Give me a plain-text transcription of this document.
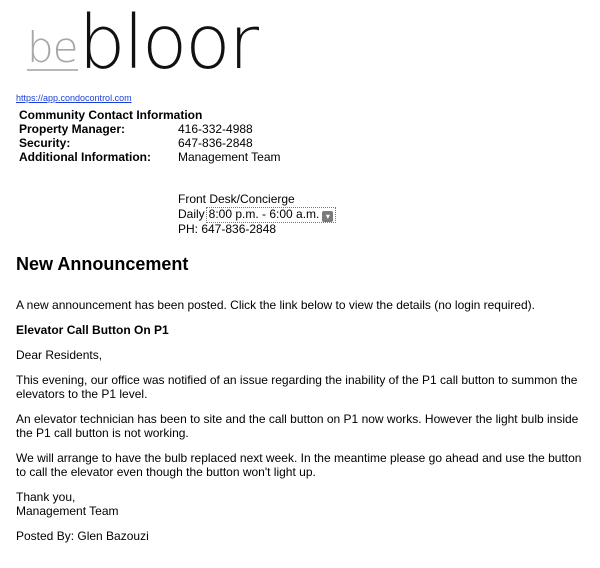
be bloor
https://app.condocontrol.com
Community Contact Information
Property Manager:	416-332-4988
Security:	647-836-2848
Additional Information:	Management Team
Front Desk/Concierge
Daily 8:00 p.m. - 6:00 a.m. ▾
PH: 647-836-2848
New Announcement

A new announcement has been posted. Click the link below to view the details (no login required).

Elevator Call Button On P1

Dear Residents,

This evening, our office was notified of an issue regarding the inability of the P1 call button to summon the elevators to the P1 level.

An elevator technician has been to site and the call button on P1 now works. However the light bulb inside the P1 call button is not working.

We will arrange to have the bulb replaced next week. In the meantime please go ahead and use the button to call the elevator even though the button won't light up.

Thank you,
Management Team

Posted By: Glen Bazouzi
